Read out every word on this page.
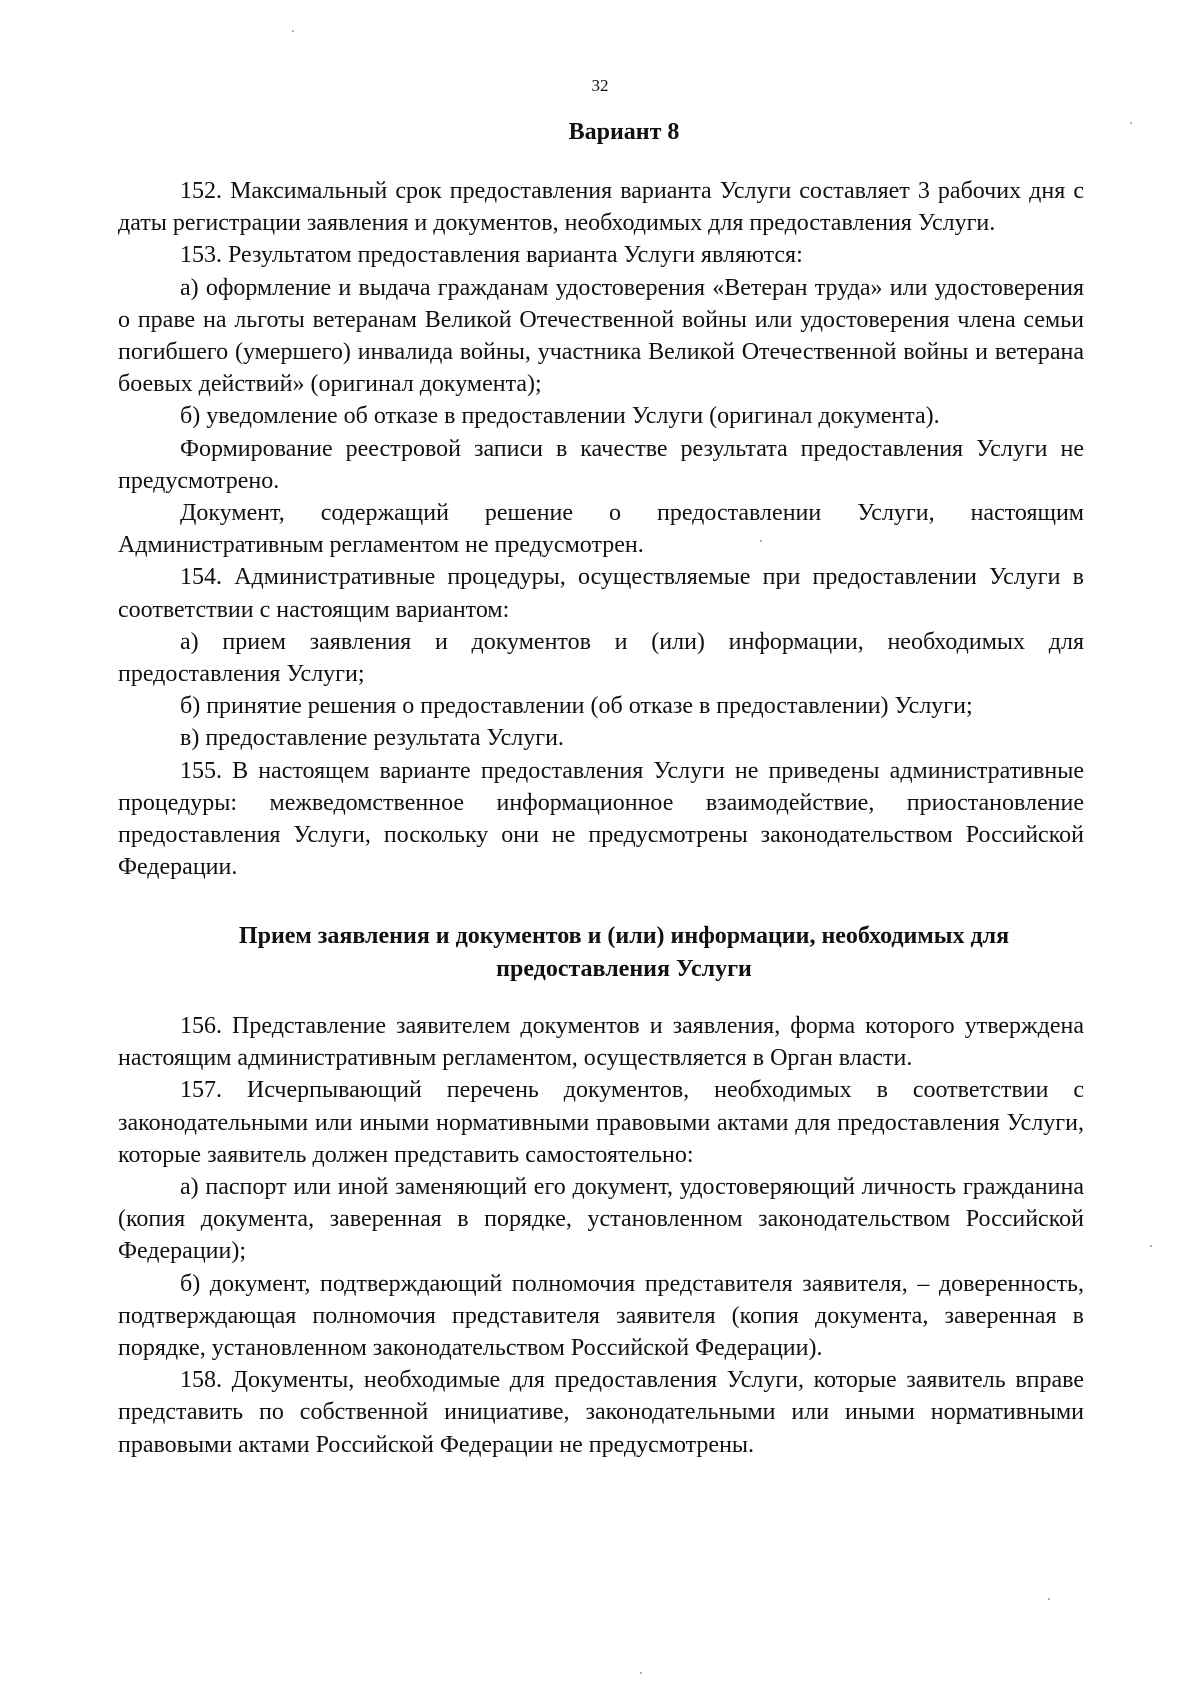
32
Вариант 8

152. Максимальный срок предоставления варианта Услуги составляет 3 рабочих дня с даты регистрации заявления и документов, необходимых для предоставления Услуги.

153. Результатом предоставления варианта Услуги являются:

а) оформление и выдача гражданам удостоверения «Ветеран труда» или удостоверения о праве на льготы ветеранам Великой Отечественной войны или удостоверения члена семьи погибшего (умершего) инвалида войны, участника Великой Отечественной войны и ветерана боевых действий» (оригинал документа);

б) уведомление об отказе в предоставлении Услуги (оригинал документа).

Формирование реестровой записи в качестве результата предоставления Услуги не предусмотрено.

Документ, содержащий решение о предоставлении Услуги, настоящим Административным регламентом не предусмотрен.

154. Административные процедуры, осуществляемые при предоставлении Услуги в соответствии с настоящим вариантом:

а) прием заявления и документов и (или) информации, необходимых для предоставления Услуги;

б) принятие решения о предоставлении (об отказе в предоставлении) Услуги;

в) предоставление результата Услуги.

155. В настоящем варианте предоставления Услуги не приведены административные процедуры: межведомственное информационное взаимодействие, приостановление предоставления Услуги, поскольку они не предусмотрены законодательством Российской Федерации.

Прием заявления и документов и (или) информации, необходимых для предоставления Услуги

156. Представление заявителем документов и заявления, форма которого утверждена настоящим административным регламентом, осуществляется в Орган власти.

157. Исчерпывающий перечень документов, необходимых в соответствии с законодательными или иными нормативными правовыми актами для предоставления Услуги, которые заявитель должен представить самостоятельно:

а) паспорт или иной заменяющий его документ, удостоверяющий личность гражданина (копия документа, заверенная в порядке, установленном законодательством Российской Федерации);

б) документ, подтверждающий полномочия представителя заявителя, – доверенность, подтверждающая полномочия представителя заявителя (копия документа, заверенная в порядке, установленном законодательством Российской Федерации).

158. Документы, необходимые для предоставления Услуги, которые заявитель вправе представить по собственной инициативе, законодательными или иными нормативными правовыми актами Российской Федерации не предусмотрены.
